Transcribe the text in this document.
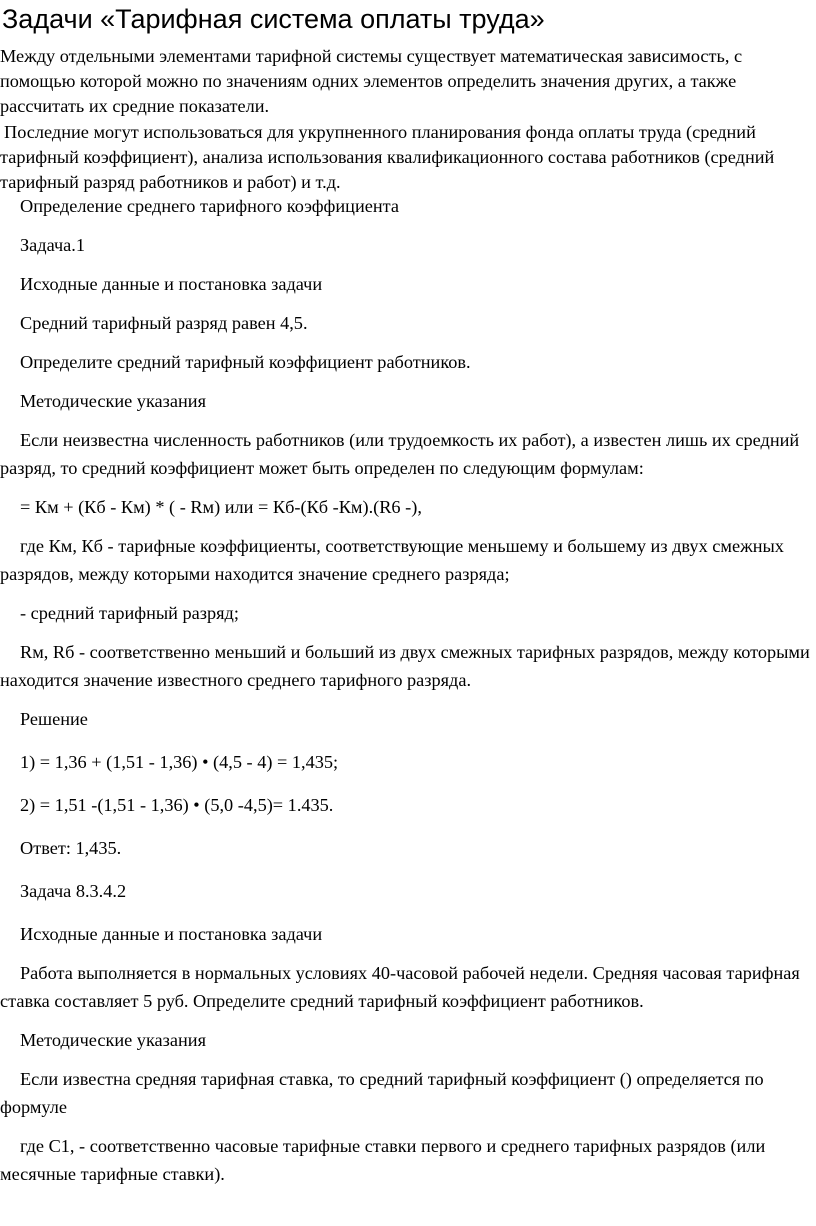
Задачи «Тарифная система оплаты труда»

Между отдельными элементами тарифной системы существует математическая зависимость, с помощью которой можно по значениям одних элементов определить значения других, а также рассчитать их средние показатели.

Последние могут использоваться для укрупненного планирования фонда оплаты труда (средний тарифный коэффициент), анализа использования квалификационного состава работников (средний тарифный разряд работников и работ) и т.д.

Определение среднего тарифного коэффициента

Задача.1

Исходные данные и постановка задачи

Средний тарифный разряд равен 4,5.

Определите средний тарифный коэффициент работников.

Методические указания

Если неизвестна численность работников (или трудоемкость их работ), а известен лишь их средний разряд, то средний коэффициент может быть определен по следующим формулам:

= Км + (Кб - Км) * ( - Rм) или = Кб-(Кб -Км).(R6 -),

где Км, Кб - тарифные коэффициенты, соответствующие меньшему и большему из двух смежных разрядов, между которыми находится значение среднего разряда;

- средний тарифный разряд;

Rм, Rб - соответственно меньший и больший из двух смежных тарифных разрядов, между которыми находится значение известного среднего тарифного разряда.

Решение

1) = 1,36 + (1,51 - 1,36) • (4,5 - 4) = 1,435;

2) = 1,51 -(1,51 - 1,36) • (5,0 -4,5)= 1.435.

Ответ: 1,435.

Задача 8.3.4.2

Исходные данные и постановка задачи

Работа выполняется в нормальных условиях 40-часовой рабочей недели. Средняя часовая тарифная ставка составляет 5 руб. Определите средний тарифный коэффициент работников.

Методические указания

Если известна средняя тарифная ставка, то средний тарифный коэффициент () определяется по формуле

где С1, - соответственно часовые тарифные ставки первого и среднего тарифных разрядов (или месячные тарифные ставки).
